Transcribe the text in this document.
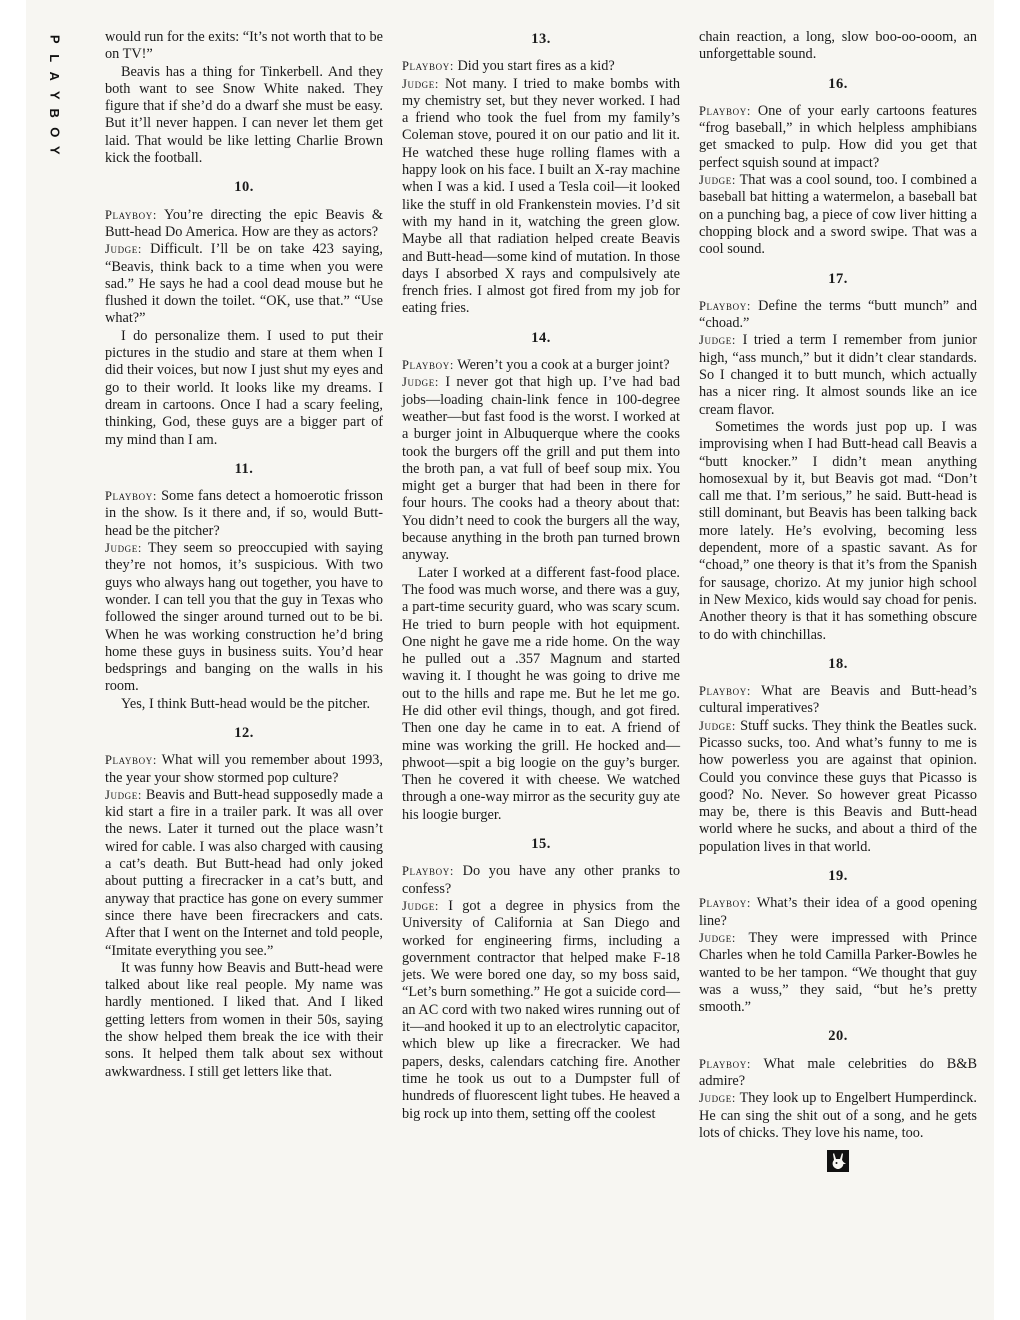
P
L
A
Y
B
O
Y

would run for the exits: “It’s not worth that to be on TV!”

Beavis has a thing for Tinkerbell. And they both want to see Snow White naked. They figure that if she’d do a dwarf she must be easy. But it’ll never happen. I can never let them get laid. That would be like letting Charlie Brown kick the football.

10.

Playboy: You’re directing the epic Beavis & Butt-head Do America. How are they as actors?

Judge: Difficult. I’ll be on take 423 saying, “Beavis, think back to a time when you were sad.” He says he had a cool dead mouse but he flushed it down the toilet. “OK, use that.” “Use what?”

I do personalize them. I used to put their pictures in the studio and stare at them when I did their voices, but now I just shut my eyes and go to their world. It looks like my dreams. I dream in cartoons. Once I had a scary feeling, thinking, God, these guys are a bigger part of my mind than I am.

11.

Playboy: Some fans detect a homoerotic frisson in the show. Is it there and, if so, would Butt-head be the pitcher?

Judge: They seem so preoccupied with saying they’re not homos, it’s suspicious. With two guys who always hang out together, you have to wonder. I can tell you that the guy in Texas who followed the singer around turned out to be bi. When he was working construction he’d bring home these guys in business suits. You’d hear bedsprings and banging on the walls in his room.

Yes, I think Butt-head would be the pitcher.

12.

Playboy: What will you remember about 1993, the year your show stormed pop culture?

Judge: Beavis and Butt-head supposedly made a kid start a fire in a trailer park. It was all over the news. Later it turned out the place wasn’t wired for cable. I was also charged with causing a cat’s death. But Butt-head had only joked about putting a firecracker in a cat’s butt, and anyway that practice has gone on every summer since there have been firecrackers and cats. After that I went on the Internet and told people, “Imitate everything you see.”

It was funny how Beavis and Butt-head were talked about like real people. My name was hardly mentioned. I liked that. And I liked getting letters from women in their 50s, saying the show helped them break the ice with their sons. It helped them talk about sex without awkwardness. I still get letters like that.

13.

Playboy: Did you start fires as a kid?

Judge: Not many. I tried to make bombs with my chemistry set, but they never worked. I had a friend who took the fuel from my family’s Coleman stove, poured it on our patio and lit it. He watched these huge rolling flames with a happy look on his face. I built an X-ray machine when I was a kid. I used a Tesla coil—it looked like the stuff in old Frankenstein movies. I’d sit with my hand in it, watching the green glow. Maybe all that radiation helped create Beavis and Butt-head—some kind of mutation. In those days I absorbed X rays and compulsively ate french fries. I almost got fired from my job for eating fries.

14.

Playboy: Weren’t you a cook at a burger joint?

Judge: I never got that high up. I’ve had bad jobs—loading chain-link fence in 100-degree weather—but fast food is the worst. I worked at a burger joint in Albuquerque where the cooks took the burgers off the grill and put them into the broth pan, a vat full of beef soup mix. You might get a burger that had been in there for four hours. The cooks had a theory about that: You didn’t need to cook the burgers all the way, because anything in the broth pan turned brown anyway.

Later I worked at a different fast-food place. The food was much worse, and there was a guy, a part-time security guard, who was scary scum. He tried to burn people with hot equipment. One night he gave me a ride home. On the way he pulled out a .357 Magnum and started waving it. I thought he was going to drive me out to the hills and rape me. But he let me go. He did other evil things, though, and got fired. Then one day he came in to eat. A friend of mine was working the grill. He hocked and—phwoot—spit a big loogie on the guy’s burger. Then he covered it with cheese. We watched through a one-way mirror as the security guy ate his loogie burger.

15.

Playboy: Do you have any other pranks to confess?

Judge: I got a degree in physics from the University of California at San Diego and worked for engineering firms, including a government contractor that helped make F-18 jets. We were bored one day, so my boss said, “Let’s burn something.” He got a suicide cord—an AC cord with two naked wires running out of it—and hooked it up to an electrolytic capacitor, which blew up like a firecracker. We had papers, desks, calendars catching fire. Another time he took us out to a Dumpster full of hundreds of fluorescent light tubes. He heaved a big rock up into them, setting off the coolest

chain reaction, a long, slow boo-oo-ooom, an unforgettable sound.

16.

Playboy: One of your early cartoons features “frog baseball,” in which helpless amphibians get smacked to pulp. How did you get that perfect squish sound at impact?

Judge: That was a cool sound, too. I combined a baseball bat hitting a watermelon, a baseball bat on a punching bag, a piece of cow liver hitting a chopping block and a sword swipe. That was a cool sound.

17.

Playboy: Define the terms “butt munch” and “choad.”

Judge: I tried a term I remember from junior high, “ass munch,” but it didn’t clear standards. So I changed it to butt munch, which actually has a nicer ring. It almost sounds like an ice cream flavor.

Sometimes the words just pop up. I was improvising when I had Butt-head call Beavis a “butt knocker.” I didn’t mean anything homosexual by it, but Beavis got mad. “Don’t call me that. I’m serious,” he said. Butt-head is still dominant, but Beavis has been talking back more lately. He’s evolving, becoming less dependent, more of a spastic savant. As for “choad,” one theory is that it’s from the Spanish for sausage, chorizo. At my junior high school in New Mexico, kids would say choad for penis. Another theory is that it has something obscure to do with chinchillas.

18.

Playboy: What are Beavis and Butt-head’s cultural imperatives?

Judge: Stuff sucks. They think the Beatles suck. Picasso sucks, too. And what’s funny to me is how powerless you are against that opinion. Could you convince these guys that Picasso is good? No. Never. So however great Picasso may be, there is this Beavis and Butt-head world where he sucks, and about a third of the population lives in that world.

19.

Playboy: What’s their idea of a good opening line?

Judge: They were impressed with Prince Charles when he told Camilla Parker-Bowles he wanted to be her tampon. “We thought that guy was a wuss,” they said, “but he’s pretty smooth.”

20.

Playboy: What male celebrities do B&B admire?

Judge: They look up to Engelbert Humperdinck. He can sing the shit out of a song, and he gets lots of chicks. They love his name, too.
